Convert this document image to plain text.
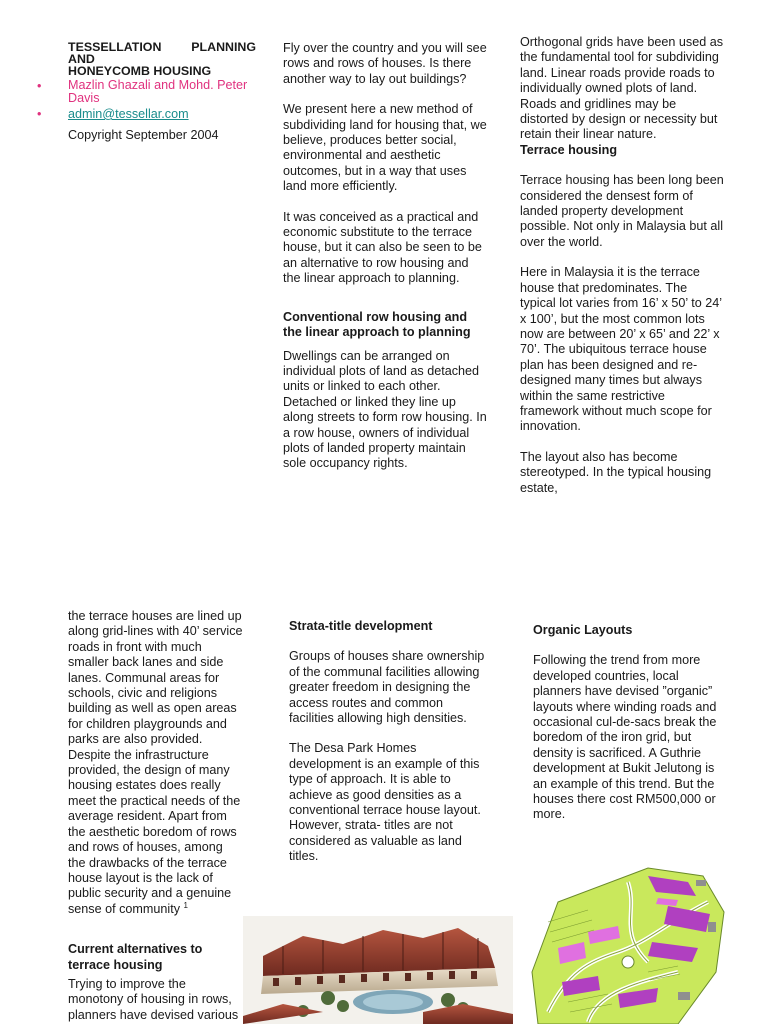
TESSELLATION PLANNING
AND
HONEYCOMB HOUSING
• Mazlin Ghazali and Mohd. Peter Davis
• admin@tessellar.com

Copyright September 2004

Fly over the country and you will see rows and rows of houses. Is there another way to lay out buildings?

We present here a new method of subdividing land for housing that, we believe, produces better social, environmental and aesthetic outcomes, but in a way that uses land more efficiently.

It was conceived as a practical and economic substitute to the terrace house, but it can also be seen to be an alternative to row housing and the linear approach to planning.

Conventional row housing and the linear approach to planning

Dwellings can be arranged on individual plots of land as detached units or linked to each other. Detached or linked they line up along streets to form row housing. In a row house, owners of individual plots of landed property maintain sole occupancy rights.

Orthogonal grids have been used as the fundamental tool for subdividing land. Linear roads provide roads to individually owned plots of land. Roads and gridlines may be distorted by design or necessity but retain their linear nature.

Terrace housing

Terrace housing has been long been considered the densest form of landed property development possible. Not only in Malaysia but all over the world.

Here in Malaysia it is the terrace house that predominates. The typical lot varies from 16’ x 50’ to 24’ x 100’, but the most common lots now are between 20’ x 65’ and 22’ x 70’. The ubiquitous terrace house plan has been designed and re-designed many times but always within the same restrictive framework without much scope for innovation.

The layout also has become stereotyped. In the typical housing estate,

the terrace houses are lined up along grid-lines with 40’ service roads in front with much smaller back lanes and side lanes. Communal areas for schools, civic and religions building as well as open areas for children playgrounds and parks are also provided.

Despite the infrastructure provided, the design of many housing estates does really meet the practical needs of the average resident. Apart from the aesthetic boredom of rows and rows of houses, among the drawbacks of the terrace house layout is the lack of public security and a genuine sense of community $^1$

Current alternatives to terrace housing

Trying to improve the monotony of housing in rows, planners have devised various

Strata-title development

Groups of houses share ownership of the communal facilities allowing greater freedom in designing the access routes and common facilities allowing high densities.

The Desa Park Homes development is an example of this type of approach. It is able to achieve as good densities as a conventional terrace house layout. However, strata- titles are not considered as valuable as land titles.

Organic Layouts

Following the trend from more developed countries, local planners have devised ”organic” layouts where winding roads and occasional cul-de-sacs break the boredom of the iron grid, but density is sacrificed. A Guthrie development at Bukit Jelutong is an example of this trend. But the houses there cost RM500,000 or more.
